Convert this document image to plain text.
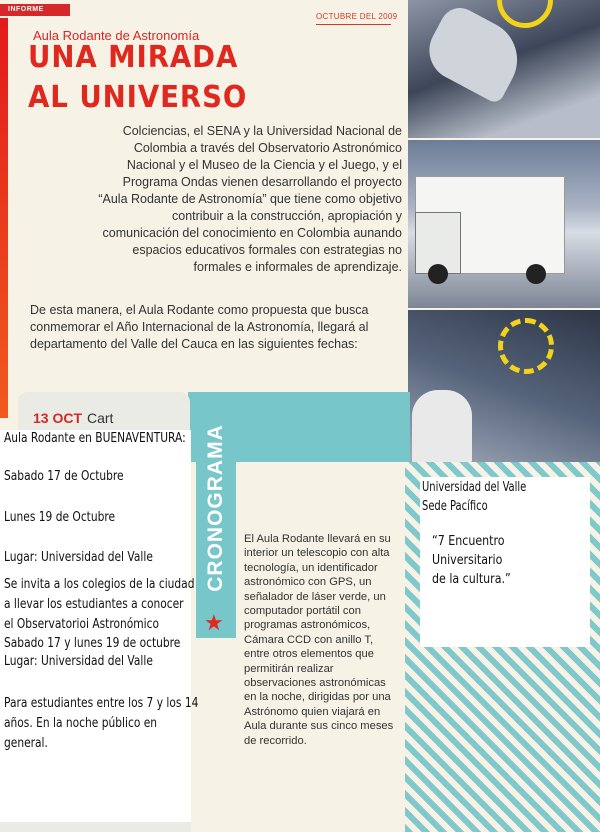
INFORME
OCTUBRE DEL 2009
Aula Rodante de Astronomía
UNA MIRADA
AL UNIVERSO
Colciencias, el SENA y la Universidad Nacional de Colombia a través del Observatorio Astronómico Nacional y el Museo de la Ciencia y el Juego, y el Programa Ondas vienen desarrollando el proyecto “Aula Rodante de Astronomía” que tiene como objetivo contribuir a la construcción, apropiación y comunicación del conocimiento en Colombia aunando espacios educativos formales con estrategias no formales e informales de aprendizaje.
De esta manera, el Aula Rodante como propuesta que busca conmemorar el Año Internacional de la Astronomía, llegará al departamento del Valle del Cauca en las siguientes fechas:
CRONOGRAMA
★
El Aula Rodante llevará en su interior un telescopio con alta tecnología, un identificador astronómico con GPS, un señalador de láser verde, un computador portátil con programas astronómicos, Cámara CCD con anillo T, entre otros elementos que permitirán realizar observaciones astronómicas en la noche, dirigidas por una Astrónomo quien viajará en Aula durante sus cinco meses de recorrido.
Universidad del Valle
Sede Pacífico
“7 Encuentro Universitario
de la cultura.”
13 OCT Cart
Aula Rodante en BUENAVENTURA:
Sabado 17 de Octubre
Lunes 19 de Octubre
Lugar: Universidad del Valle
Se invita a los colegios de la ciudad
a llevar los estudiantes a conocer
el Observatorioi Astronómico
Sabado 17 y lunes 19 de octubre
Lugar: Universidad del Valle
Para estudiantes entre los 7 y los 14
años. En la noche público en
general.
